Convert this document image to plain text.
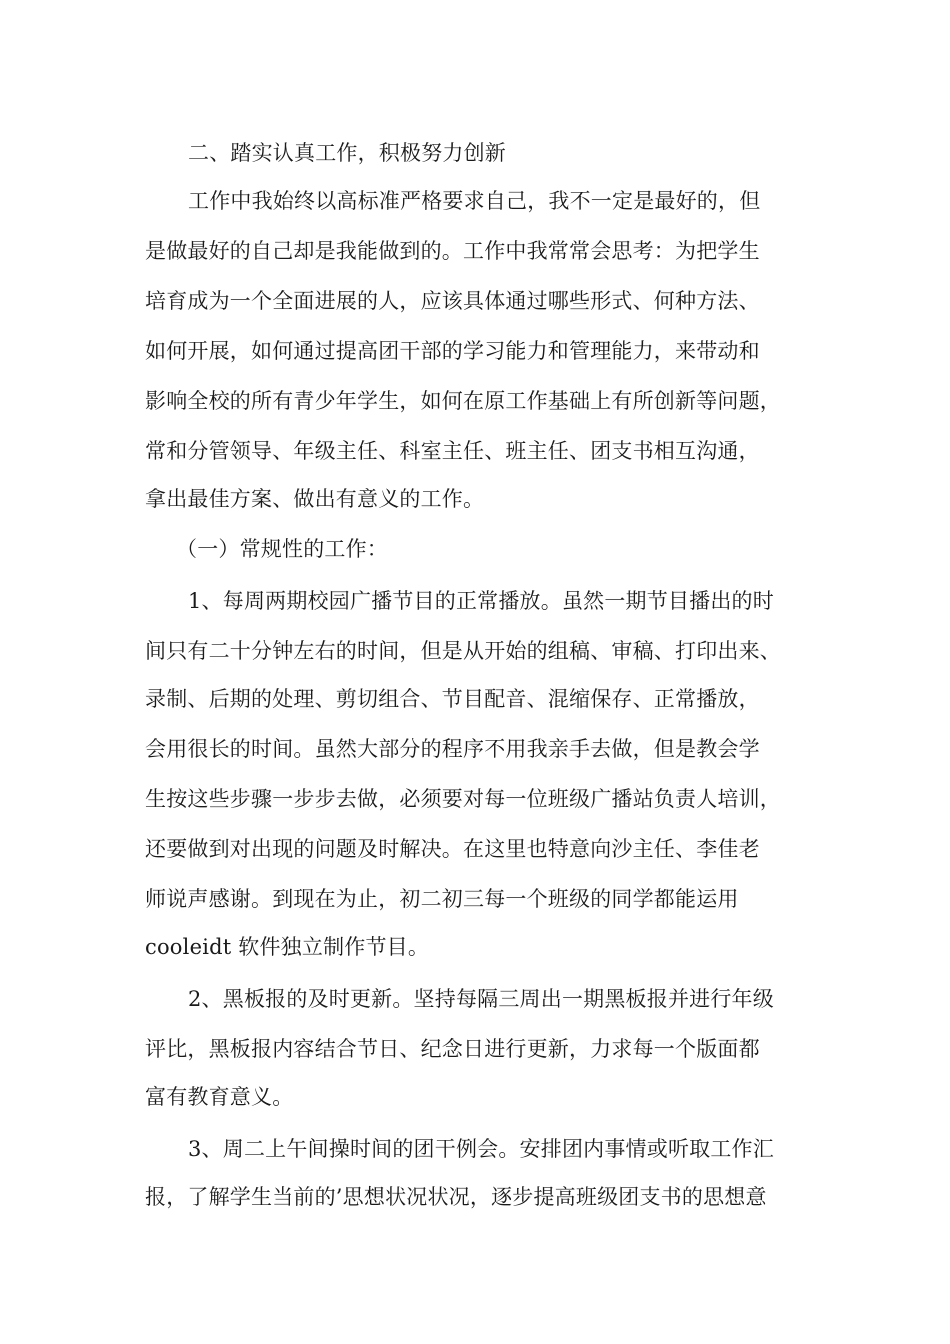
二、踏实认真工作，积极努力创新
工作中我始终以高标准严格要求自己，我不一定是最好的，但
是做最好的自己却是我能做到的。工作中我常常会思考：为把学生
培育成为一个全面进展的人，应该具体通过哪些形式、何种方法、
如何开展，如何通过提高团干部的学习能力和管理能力，来带动和
影响全校的所有青少年学生，如何在原工作基础上有所创新等问题，
常和分管领导、年级主任、科室主任、班主任、团支书相互沟通，
拿出最佳方案、做出有意义的工作。
（一）常规性的工作：
1、每周两期校园广播节目的正常播放。虽然一期节目播出的时
间只有二十分钟左右的时间，但是从开始的组稿、审稿、打印出来、
录制、后期的处理、剪切组合、节目配音、混缩保存、正常播放，
会用很长的时间。虽然大部分的程序不用我亲手去做，但是教会学
生按这些步骤一步步去做，必须要对每一位班级广播站负责人培训，
还要做到对出现的问题及时解决。在这里也特意向沙主任、李佳老
师说声感谢。到现在为止，初二初三每一个班级的同学都能运用
cooleidt 软件独立制作节目。
2、黑板报的及时更新。坚持每隔三周出一期黑板报并进行年级
评比，黑板报内容结合节日、纪念日进行更新，力求每一个版面都
富有教育意义。
3、周二上午间操时间的团干例会。安排团内事情或听取工作汇
报，了解学生当前的’思想状况状况，逐步提高班级团支书的思想意
